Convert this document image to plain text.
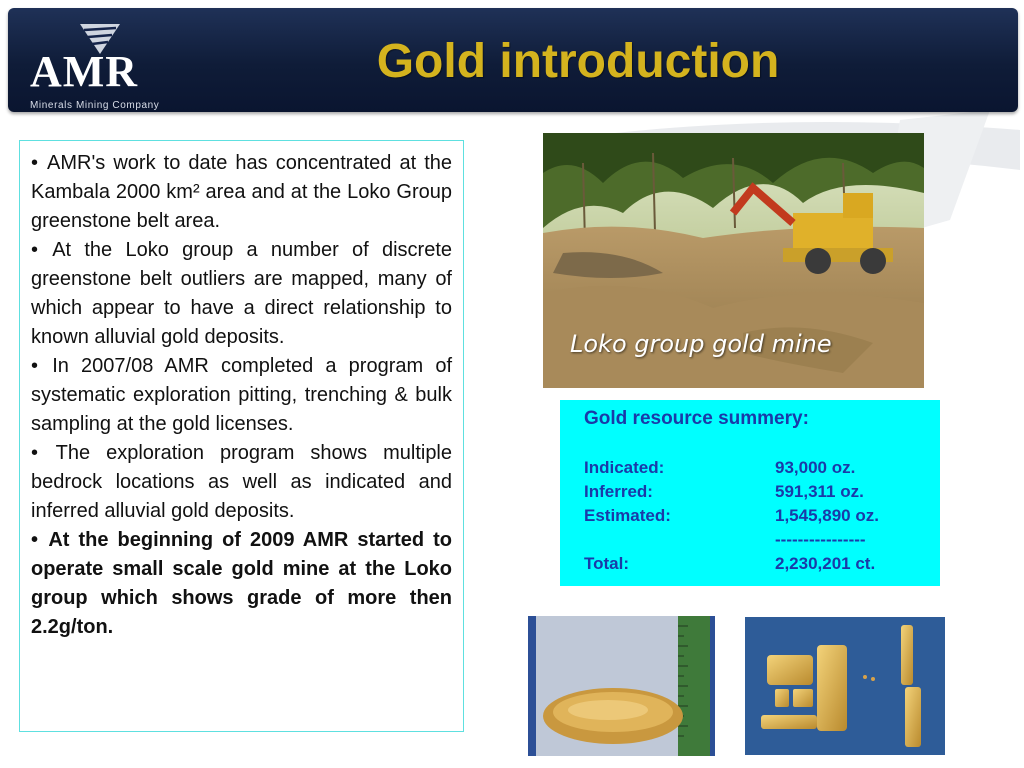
AMR
Minerals Mining Company
Gold introduction

• AMR's work to date has concentrated at the Kambala 2000 km² area and at the Loko Group greenstone belt area.

• At the Loko group a number of discrete greenstone belt outliers are mapped, many of which appear to have a direct relationship to known alluvial gold deposits.

• In 2007/08 AMR completed a program of systematic exploration pitting, trenching & bulk sampling at the gold licenses.

• The exploration program shows multiple bedrock locations as well as indicated and inferred alluvial gold deposits.

• At the beginning of 2009 AMR started to operate small scale gold mine at the Loko group which shows grade of more then 2.2g/ton.

Loko group gold mine
Gold resource summery:
Indicated:	93,000 oz.
Inferred:	591,311 oz.
Estimated:	1,545,890 oz.
----------------
Total:	2,230,201 ct.
